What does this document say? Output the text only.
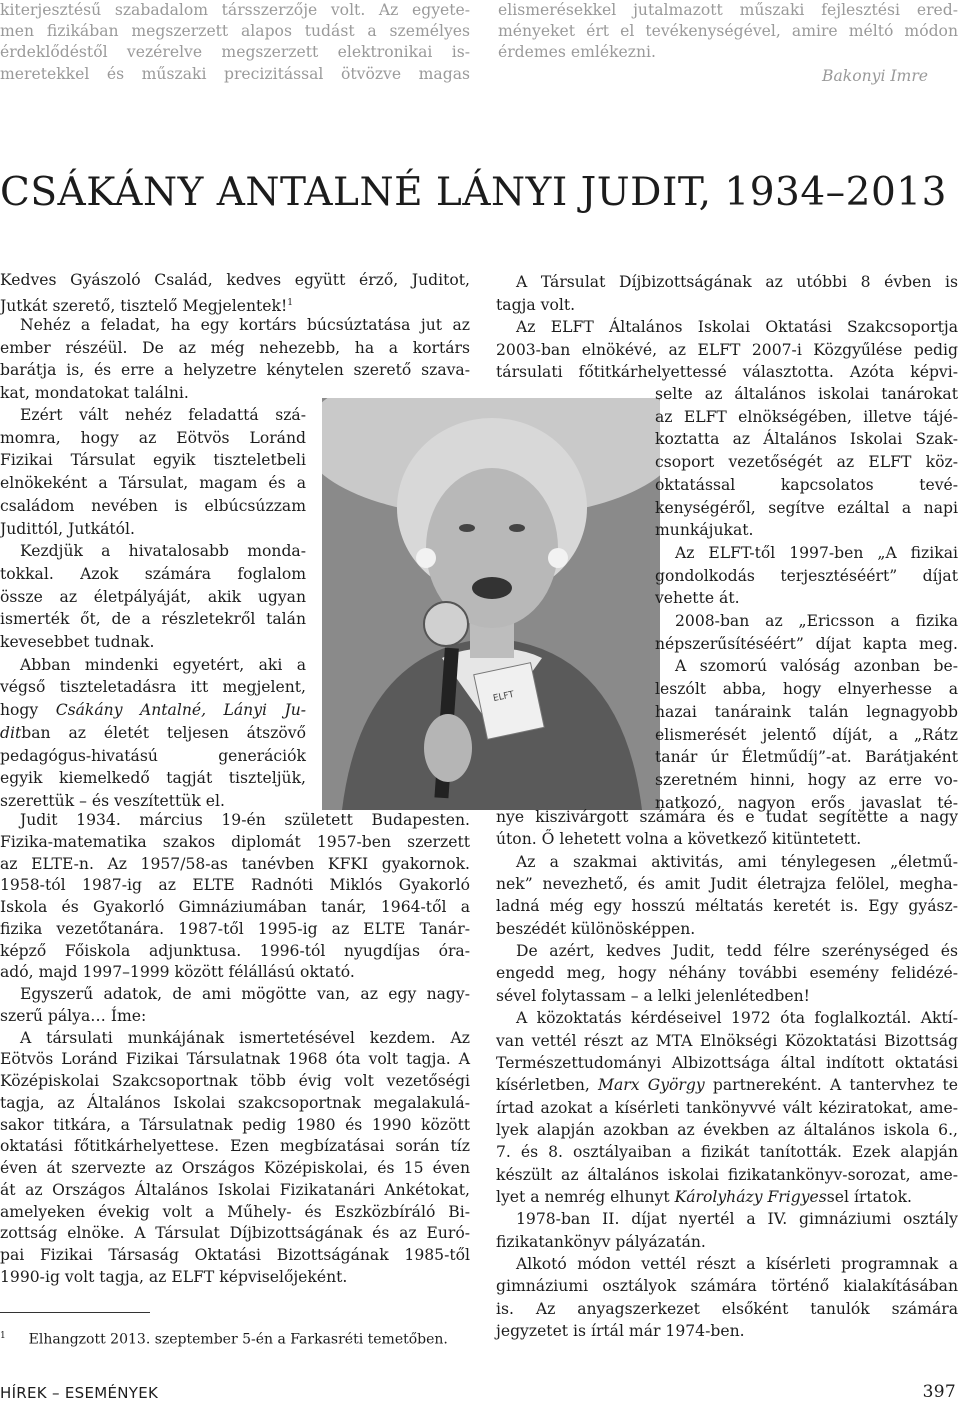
kiterjesztésű szabadalom társszerzője volt. Az egyete-
men fizikában megszerzett alapos tudást a személyes
érdeklődéstől vezérelve megszerzett elektronikai is-
meretekkel és műszaki precizitással ötvözve magas
elismerésekkel jutalmazott műszaki fejlesztési ered-
ményeket ért el tevékenységével, amire méltó módon
érdemes emlékezni.
Bakonyi Imre
CSÁKÁNY ANTALNÉ LÁNYI JUDIT, 1934–2013
ELFT
Kedves Gyászoló Család, kedves együtt érző, Juditot,
Jutkát szerető, tisztelő Megjelentek!$^1$
Nehéz a feladat, ha egy kortárs búcsúztatása jut az
ember részéül. De az még nehezebb, ha a kortárs
barátja is, és erre a helyzetre kénytelen szerető szava-
kat, mondatokat találni.
Ezért vált nehéz feladattá szá-
momra, hogy az Eötvös Loránd
Fizikai Társulat egyik tiszteletbeli
elnökeként a Társulat, magam és a
családom nevében is elbúcsúzzam
Judittól, Jutkától.
Kezdjük a hivatalosabb monda-
tokkal. Azok számára foglalom
össze az életpályáját, akik ugyan
ismerték őt, de a részletekről talán
kevesebbet tudnak.
Abban mindenki egyetért, aki a
végső tiszteletadásra itt megjelent,
hogy Csákány Antalné, Lányi Ju-
ditban az életét teljesen átszövő
pedagógus-hivatású generációk
egyik kiemelkedő tagját tiszteljük,
szerettük – és veszítettük el.
Judit 1934. március 19-én született Budapesten.
Fizika-matematika szakos diplomát 1957-ben szerzett
az ELTE-n. Az 1957/58-as tanévben KFKI gyakornok.
1958-tól 1987-ig az ELTE Radnóti Miklós Gyakorló
Iskola és Gyakorló Gimnáziumában tanár, 1964-től a
fizika vezetőtanára. 1987-től 1995-ig az ELTE Tanár-
képző Főiskola adjunktusa. 1996-tól nyugdíjas óra-
adó, majd 1997–1999 között félállású oktató.
Egyszerű adatok, de ami mögötte van, az egy nagy-
szerű pálya… Íme:
A társulati munkájának ismertetésével kezdem. Az
Eötvös Loránd Fizikai Társulatnak 1968 óta volt tagja. A
Középiskolai Szakcsoportnak több évig volt vezetőségi
tagja, az Általános Iskolai szakcsoportnak megalakulá-
sakor titkára, a Társulatnak pedig 1980 és 1990 között
oktatási főtitkárhelyettese. Ezen megbízatásai során tíz
éven át szervezte az Országos Középiskolai, és 15 éven
át az Országos Általános Iskolai Fizikatanári Ankétokat,
amelyeken évekig volt a Műhely- és Eszközbíráló Bi-
zottság elnöke. A Társulat Díjbizottságának és az Euró-
pai Fizikai Társaság Oktatási Bizottságának 1985-től
1990-ig volt tagja, az ELFT képviselőjeként.
$^1$ Elhangzott 2013. szeptember 5-én a Farkasréti temetőben.
A Társulat Díjbizottságának az utóbbi 8 évben is
tagja volt.
Az ELFT Általános Iskolai Oktatási Szakcsoportja
2003-ban elnökévé, az ELFT 2007-i Közgyűlése pedig
társulati főtitkárhelyettessé választotta. Azóta képvi-
selte az általános iskolai tanárokat
az ELFT elnökségében, illetve tájé-
koztatta az Általános Iskolai Szak-
csoport vezetőségét az ELFT köz-
oktatással kapcsolatos tevé-
kenységéről, segítve ezáltal a napi
munkájukat.
Az ELFT-től 1997-ben „A fizikai
gondolkodás terjesztéséért” díjat
vehette át.
2008-ban az „Ericsson a fizika
népszerűsítéséért” díjat kapta meg.
A szomorú valóság azonban be-
leszólt abba, hogy elnyerhesse a
hazai tanáraink talán legnagyobb
elismerését jelentő díját, a „Rátz
tanár úr Életműdíj”-at. Barátjaként
szeretném hinni, hogy az erre vo-
natkozó, nagyon erős javaslat té-
nye kiszivárgott számára és e tudat segítette a nagy
úton. Ő lehetett volna a következő kitüntetett.
Az a szakmai aktivitás, ami ténylegesen „életmű-
nek” nevezhető, és amit Judit életrajza felölel, megha-
ladná még egy hosszú méltatás keretét is. Egy gyász-
beszédét különösképpen.
De azért, kedves Judit, tedd félre szerénységed és
engedd meg, hogy néhány további esemény felidézé-
sével folytassam – a lelki jelenlétedben!
A közoktatás kérdéseivel 1972 óta foglalkoztál. Aktí-
van vettél részt az MTA Elnökségi Közoktatási Bizottság
Természettudományi Albizottsága által indított oktatási
kísérletben, Marx György partnereként. A tantervhez te
írtad azokat a kísérleti tankönyvvé vált kéziratokat, ame-
lyek alapján azokban az években az általános iskola 6.,
7. és 8. osztályaiban a fizikát tanították. Ezek alapján
készült az általános iskolai fizikatankönyv-sorozat, ame-
lyet a nemrég elhunyt Károlyházy Frigyessel írtatok.
1978-ban II. díjat nyertél a IV. gimnáziumi osztály
fizikatankönyv pályázatán.
Alkotó módon vettél részt a kísérleti programnak a
gimnáziumi osztályok számára történő kialakításában
is. Az anyagszerkezet elsőként tanulók számára
jegyzetet is írtál már 1974-ben.
HÍREK – ESEMÉNYEK	397
